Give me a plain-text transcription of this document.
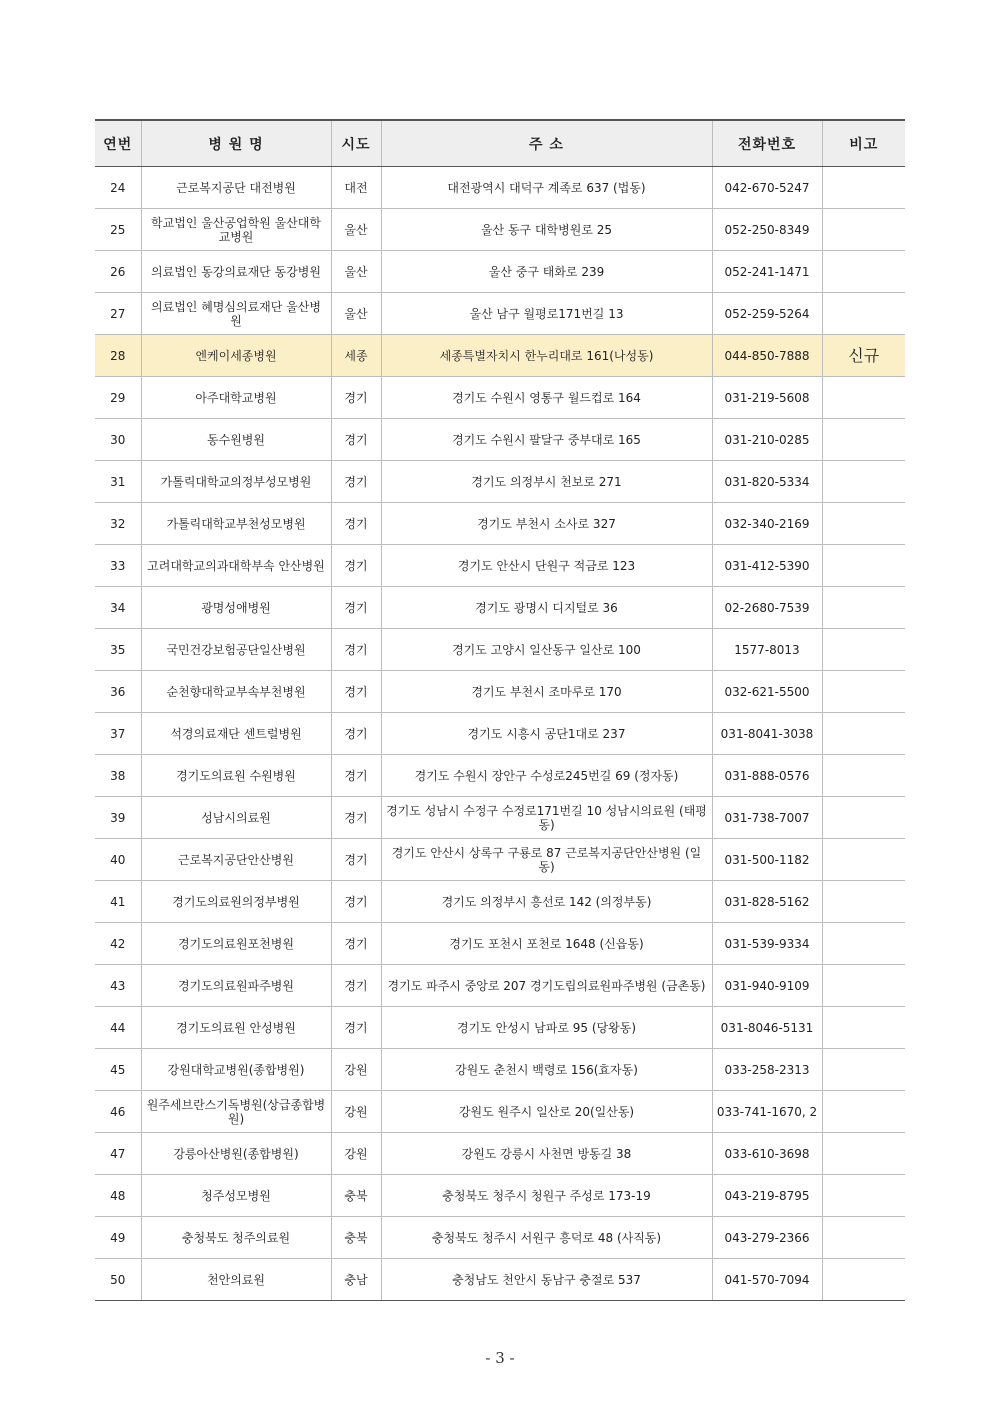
연번	병 원 명	시도	주 소	전화번호	비고
24	근로복지공단 대전병원	대전	대전광역시 대덕구 계족로 637 (법동)	042-670-5247	
25	학교법인 울산공업학원 울산대학교병원	울산	울산 동구 대학병원로 25	052-250-8349	
26	의료법인 동강의료재단 동강병원	울산	울산 중구 태화로 239	052-241-1471	
27	의료법인 혜명심의료재단 울산병원	울산	울산 남구 월평로171번길 13	052-259-5264	
28	엔케이세종병원	세종	세종특별자치시 한누리대로 161(나성동)	044-850-7888	신규
29	아주대학교병원	경기	경기도 수원시 영통구 월드컵로 164	031-219-5608	
30	동수원병원	경기	경기도 수원시 팔달구 중부대로 165	031-210-0285	
31	가톨릭대학교의정부성모병원	경기	경기도 의정부시 천보로 271	031-820-5334	
32	가톨릭대학교부천성모병원	경기	경기도 부천시 소사로 327	032-340-2169	
33	고려대학교의과대학부속 안산병원	경기	경기도 안산시 단원구 적금로 123	031-412-5390	
34	광명성애병원	경기	경기도 광명시 디지털로 36	02-2680-7539	
35	국민건강보험공단일산병원	경기	경기도 고양시 일산동구 일산로 100	1577-8013	
36	순천향대학교부속부천병원	경기	경기도 부천시 조마루로 170	032-621-5500	
37	석경의료재단 센트럴병원	경기	경기도 시흥시 공단1대로 237	031-8041-3038	
38	경기도의료원 수원병원	경기	경기도 수원시 장안구 수성로245번길 69 (정자동)	031-888-0576	
39	성남시의료원	경기	경기도 성남시 수정구 수정로171번길 10 성남시의료원 (태평동)	031-738-7007	
40	근로복지공단안산병원	경기	경기도 안산시 상록구 구룡로 87 근로복지공단안산병원 (일동)	031-500-1182	
41	경기도의료원의정부병원	경기	경기도 의정부시 흥선로 142 (의정부동)	031-828-5162	
42	경기도의료원포천병원	경기	경기도 포천시 포천로 1648 (신읍동)	031-539-9334	
43	경기도의료원파주병원	경기	경기도 파주시 중앙로 207 경기도립의료원파주병원 (금촌동)	031-940-9109	
44	경기도의료원 안성병원	경기	경기도 안성시 남파로 95 (당왕동)	031-8046-5131	
45	강원대학교병원(종합병원)	강원	강원도 춘천시 백령로 156(효자동)	033-258-2313	
46	원주세브란스기독병원(상급종합병원)	강원	강원도 원주시 일산로 20(일산동)	033-741-1670, 2	
47	강릉아산병원(종합병원)	강원	강원도 강릉시 사천면 방동길 38	033-610-3698	
48	청주성모병원	충북	충청북도 청주시 청원구 주성로 173-19	043-219-8795	
49	충청북도 청주의료원	충북	충청북도 청주시 서원구 흥덕로 48 (사직동)	043-279-2366	
50	천안의료원	충남	충청남도 천안시 동남구 충절로 537	041-570-7094	
- 3 -
